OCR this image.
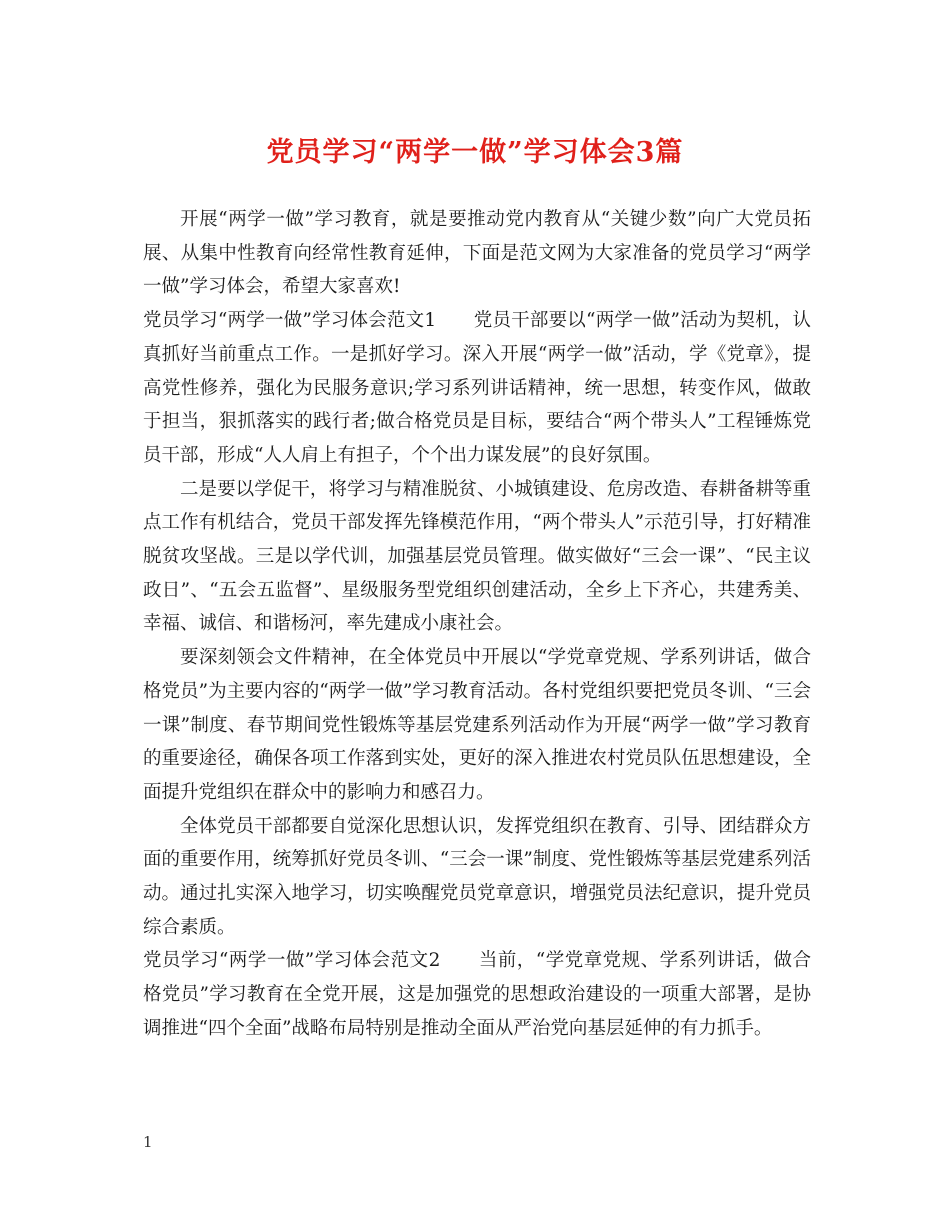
党员学习“两学一做”学习体会3篇

开展“两学一做”学习教育，就是要推动党内教育从“关键少数”向广大党员拓展、从集中性教育向经常性教育延伸，下面是范文网为大家准备的党员学习“两学一做”学习体会，希望大家喜欢!

党员学习“两学一做”学习体会范文1　　党员干部要以“两学一做”活动为契机，认真抓好当前重点工作。一是抓好学习。深入开展“两学一做”活动，学《党章》，提高党性修养，强化为民服务意识;学习系列讲话精神，统一思想，转变作风，做敢于担当，狠抓落实的践行者;做合格党员是目标，要结合“两个带头人”工程锤炼党员干部，形成“人人肩上有担子，个个出力谋发展”的良好氛围。

二是要以学促干，将学习与精准脱贫、小城镇建设、危房改造、春耕备耕等重点工作有机结合，党员干部发挥先锋模范作用，“两个带头人”示范引导，打好精准脱贫攻坚战。三是以学代训，加强基层党员管理。做实做好“三会一课”、“民主议政日”、“五会五监督”、星级服务型党组织创建活动，全乡上下齐心，共建秀美、幸福、诚信、和谐杨河，率先建成小康社会。

要深刻领会文件精神，在全体党员中开展以“学党章党规、学系列讲话，做合格党员”为主要内容的“两学一做”学习教育活动。各村党组织要把党员冬训、“三会一课”制度、春节期间党性锻炼等基层党建系列活动作为开展“两学一做”学习教育的重要途径，确保各项工作落到实处，更好的深入推进农村党员队伍思想建设，全面提升党组织在群众中的影响力和感召力。

全体党员干部都要自觉深化思想认识，发挥党组织在教育、引导、团结群众方面的重要作用，统筹抓好党员冬训、“三会一课”制度、党性锻炼等基层党建系列活动。通过扎实深入地学习，切实唤醒党员党章意识，增强党员法纪意识，提升党员综合素质。

党员学习“两学一做”学习体会范文2　　当前，“学党章党规、学系列讲话，做合格党员”学习教育在全党开展，这是加强党的思想政治建设的一项重大部署，是协调推进“四个全面”战略布局特别是推动全面从严治党向基层延伸的有力抓手。

1
